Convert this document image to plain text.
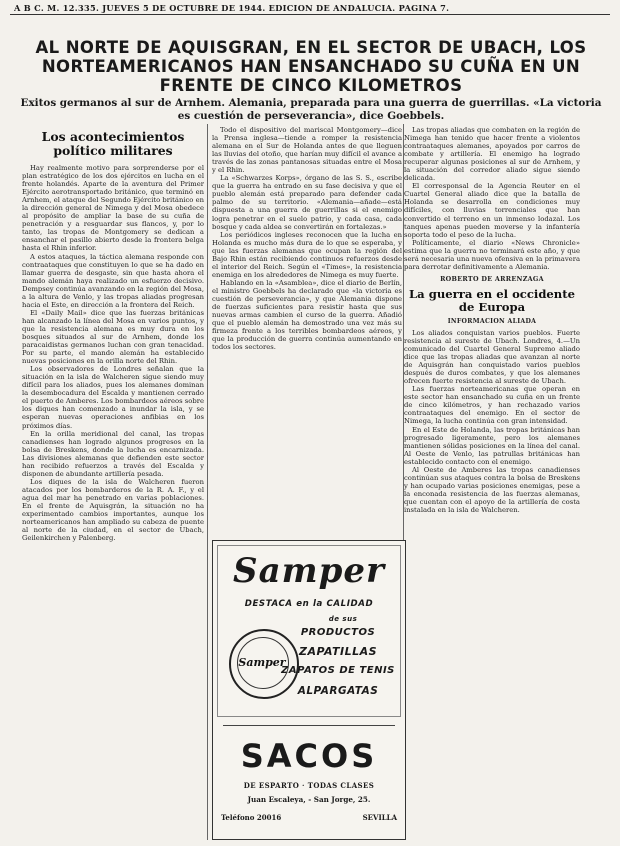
A B C. M. 12.335. JUEVES 5 DE OCTUBRE DE 1944. EDICION DE ANDALUCIA. PAGINA 7.
AL NORTE DE AQUISGRAN, EN EL SECTOR DE UBACH, LOS NORTEAMERICANOS HAN ENSANCHADO SU CUÑA EN UN FRENTE DE CINCO KILOMETROS
Exitos germanos al sur de Arnhem. Alemania, preparada para una guerra de guerrillas. «La victoria es cuestión de perseverancia», dice Goebbels.
Los acontecimientos político militares

Hay realmente motivo para sorprenderse por el plan estratégico de los dos ejércitos en lucha en el frente holandés. Aparte de la aventura del Primer Ejército aerotransportado británico, que terminó en Arnhem, el ataque del Segundo Ejército británico en la dirección general de Nimega y del Mosa obedece al propósito de ampliar la base de su cuña de penetración y a resguardar sus flancos, y, por lo tanto, las tropas de Montgomery se dedican a ensanchar el pasillo abierto desde la frontera belga hasta el Rhin inferior.

A estos ataques, la táctica alemana responde con contraataques que constituyen lo que se ha dado en llamar guerra de desgaste, sin que hasta ahora el mando alemán haya realizado un esfuerzo decisivo. Dempsey continúa avanzando en la región del Mosa, a la altura de Venlo, y las tropas aliadas progresan hacia el Este, en dirección a la frontera del Reich.

El «Daily Mail» dice que las fuerzas británicas han alcanzado la línea del Mosa en varios puntos, y que la resistencia alemana es muy dura en los bosques situados al sur de Arnhem, donde los paracaidistas germanos luchan con gran tenacidad. Por su parte, el mando alemán ha establecido nuevas posiciones en la orilla norte del Rhin.

Los observadores de Londres señalan que la situación en la isla de Walcheren sigue siendo muy difícil para los aliados, pues los alemanes dominan la desembocadura del Escalda y mantienen cerrado el puerto de Amberes. Los bombardeos aéreos sobre los diques han comenzado a inundar la isla, y se esperan nuevas operaciones anfibias en los próximos días.

En la orilla meridional del canal, las tropas canadienses han logrado algunos progresos en la bolsa de Breskens, donde la lucha es encarnizada. Las divisiones alemanas que defienden este sector han recibido refuerzos a través del Escalda y disponen de abundante artillería pesada.

Los diques de la isla de Walcheren fueron atacados por los bombarderos de la R. A. F., y el agua del mar ha penetrado en varias poblaciones. En el frente de Aquisgrán, la situación no ha experimentado cambios importantes, aunque los norteamericanos han ampliado su cabeza de puente al norte de la ciudad, en el sector de Ubach, Geilenkirchen y Palenberg.

Todo el dispositivo del mariscal Montgomery—dice la Prensa inglesa—tiende a romper la resistencia alemana en el Sur de Holanda antes de que lleguen las lluvias del otoño, que harían muy difícil el avance a través de las zonas pantanosas situadas entre el Mosa y el Rhin.

La «Schwarzes Korps», órgano de las S. S., escribe que la guerra ha entrado en su fase decisiva y que el pueblo alemán está preparado para defender cada palmo de su territorio. «Alemania—añade—está dispuesta a una guerra de guerrillas si el enemigo logra penetrar en el suelo patrio, y cada casa, cada bosque y cada aldea se convertirán en fortalezas.»

Los periódicos ingleses reconocen que la lucha en Holanda es mucho más dura de lo que se esperaba, y que las fuerzas alemanas que ocupan la región del Bajo Rhin están recibiendo continuos refuerzos desde el interior del Reich. Según el «Times», la resistencia enemiga en los alrededores de Nimega es muy fuerte.

Hablando en la «Asamblea», dice el diario de Berlín, el ministro Goebbels ha declarado que «la victoria es cuestión de perseverancia», y que Alemania dispone de fuerzas suficientes para resistir hasta que sus nuevas armas cambien el curso de la guerra. Añadió que el pueblo alemán ha demostrado una vez más su firmeza frente a los terribles bombardeos aéreos, y que la producción de guerra continúa aumentando en todos los sectores.

Samper
DESTACA en la CALIDAD
de sus
PRODUCTOS
ZAPATILLAS
ZAPATOS DE TENIS
ALPARGATAS
Samper
SACOS
DE ESPARTO · TODAS CLASES
Juan Escaleya, - San Jorge, 25.
Teléfono 20016	SEVILLA

Las tropas aliadas que combaten en la región de Nimega han tenido que hacer frente a violentos contraataques alemanes, apoyados por carros de combate y artillería. El enemigo ha logrado recuperar algunas posiciones al sur de Arnhem, y la situación del corredor aliado sigue siendo delicada.

El corresponsal de la Agencia Reuter en el Cuartel General aliado dice que la batalla de Holanda se desarrolla en condiciones muy difíciles, con lluvias torrenciales que han convertido el terreno en un inmenso lodazal. Los tanques apenas pueden moverse y la infantería soporta todo el peso de la lucha.

Políticamente, el diario «News Chronicle» estima que la guerra no terminará este año, y que será necesaria una nueva ofensiva en la primavera para derrotar definitivamente a Alemania.

ROBERTO DE ARRENZAGA
La guerra en el occidente de Europa
INFORMACION ALIADA

Los aliados conquistan varios pueblos. Fuerte resistencia al sureste de Ubach. Londres, 4.—Un comunicado del Cuartel General Supremo aliado dice que las tropas aliadas que avanzan al norte de Aquisgrán han conquistado varios pueblos después de duros combates, y que los alemanes ofrecen fuerte resistencia al sureste de Ubach.

Las fuerzas norteamericanas que operan en este sector han ensanchado su cuña en un frente de cinco kilómetros, y han rechazado varios contraataques del enemigo. En el sector de Nimega, la lucha continúa con gran intensidad.

En el Este de Holanda, las tropas británicas han progresado ligeramente, pero los alemanes mantienen sólidas posiciones en la línea del canal. Al Oeste de Venlo, las patrullas británicas han establecido contacto con el enemigo.

Al Oeste de Amberes las tropas canadienses continúan sus ataques contra la bolsa de Breskens y han ocupado varias posiciones enemigas, pese a la enconada resistencia de las fuerzas alemanas, que cuentan con el apoyo de la artillería de costa instalada en la isla de Walcheren.
